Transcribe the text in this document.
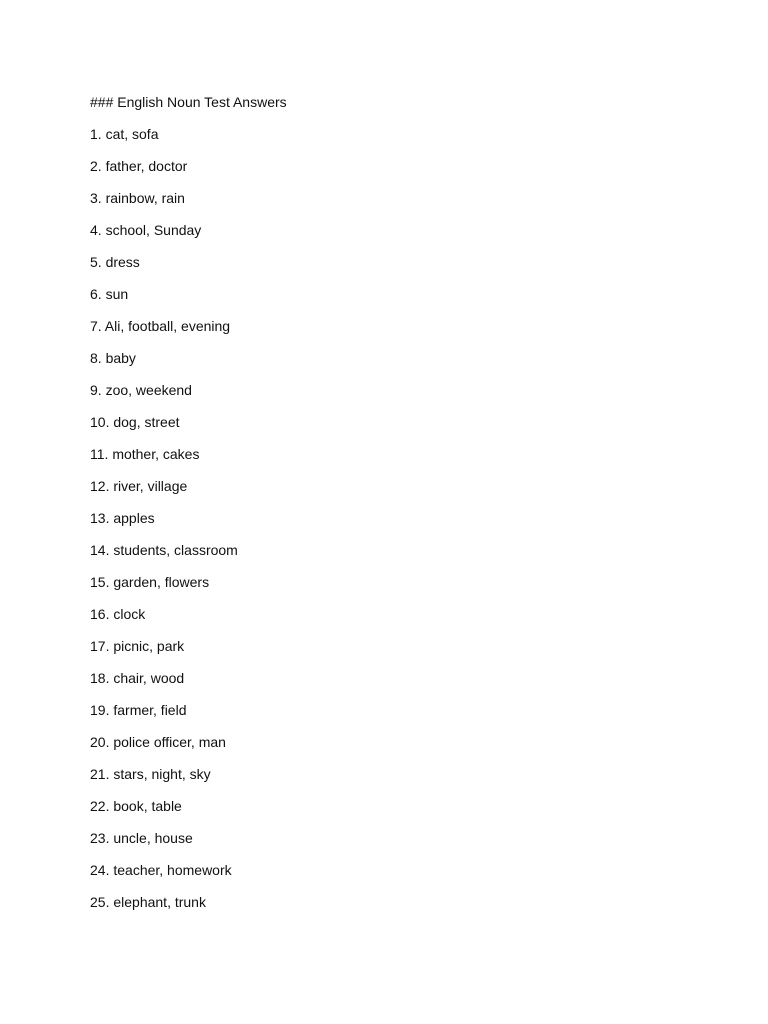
### English Noun Test Answers
1. cat, sofa
2. father, doctor
3. rainbow, rain
4. school, Sunday
5. dress
6. sun
7. Ali, football, evening
8. baby
9. zoo, weekend
10. dog, street
11. mother, cakes
12. river, village
13. apples
14. students, classroom
15. garden, flowers
16. clock
17. picnic, park
18. chair, wood
19. farmer, field
20. police officer, man
21. stars, night, sky
22. book, table
23. uncle, house
24. teacher, homework
25. elephant, trunk
